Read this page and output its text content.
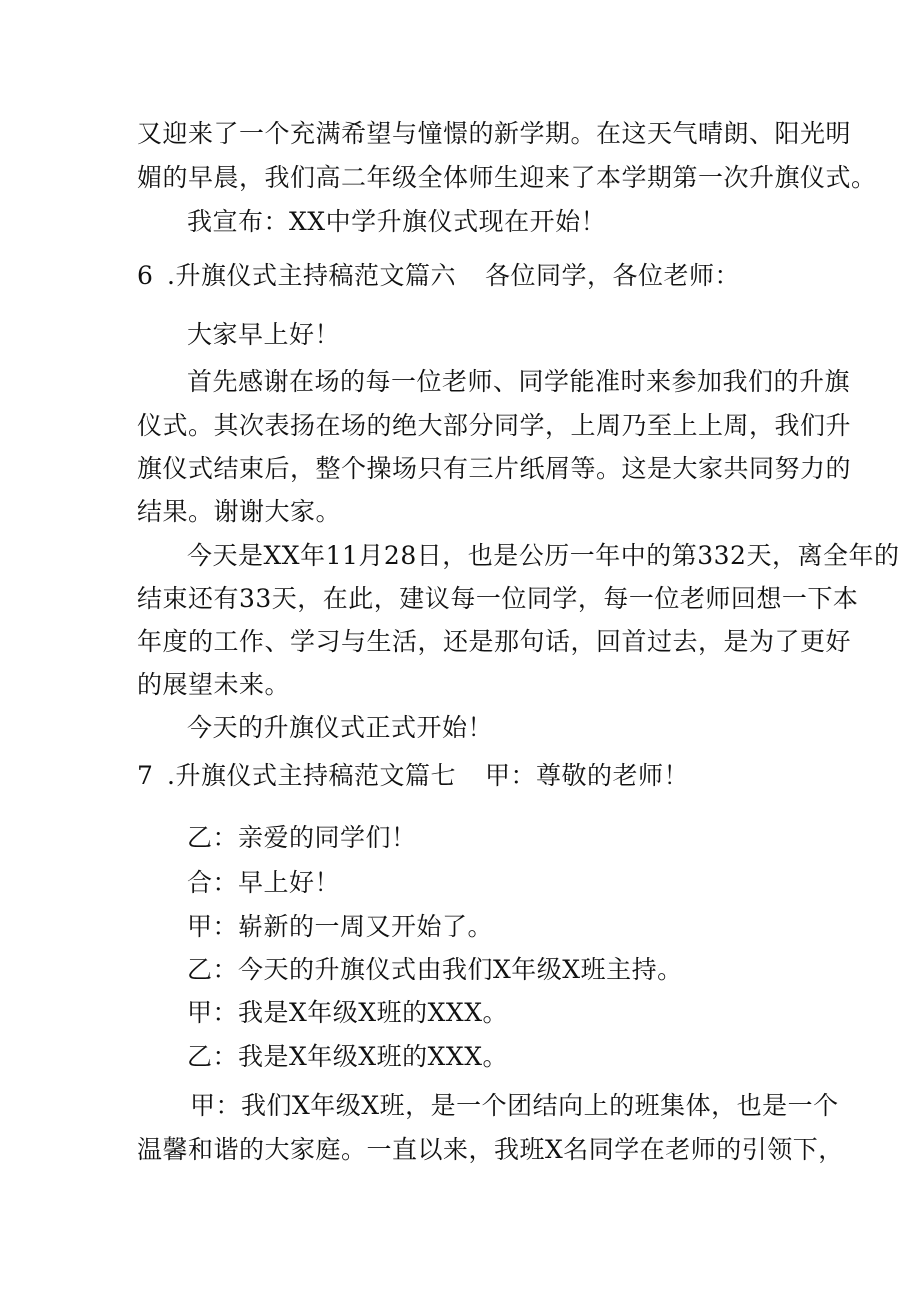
又迎来了一个充满希望与憧憬的新学期。在这天气晴朗、阳光明
媚的早晨，我们高二年级全体师生迎来了本学期第一次升旗仪式。
我宣布：XX中学升旗仪式现在开始！
6 .升旗仪式主持稿范文篇六 各位同学，各位老师：
大家早上好！
首先感谢在场的每一位老师、同学能准时来参加我们的升旗
仪式。其次表扬在场的绝大部分同学，上周乃至上上周，我们升
旗仪式结束后，整个操场只有三片纸屑等。这是大家共同努力的
结果。谢谢大家。
今天是XX年11月28日，也是公历一年中的第332天，离全年的
结束还有33天，在此，建议每一位同学，每一位老师回想一下本
年度的工作、学习与生活，还是那句话，回首过去，是为了更好
的展望未来。
今天的升旗仪式正式开始！
7 .升旗仪式主持稿范文篇七 甲：尊敬的老师！
乙：亲爱的同学们！
合：早上好！
甲：崭新的一周又开始了。
乙：今天的升旗仪式由我们X年级X班主持。
甲：我是X年级X班的XXX。
乙：我是X年级X班的XXX。
甲：我们X年级X班，是一个团结向上的班集体，也是一个
温馨和谐的大家庭。一直以来，我班X名同学在老师的引领下，
